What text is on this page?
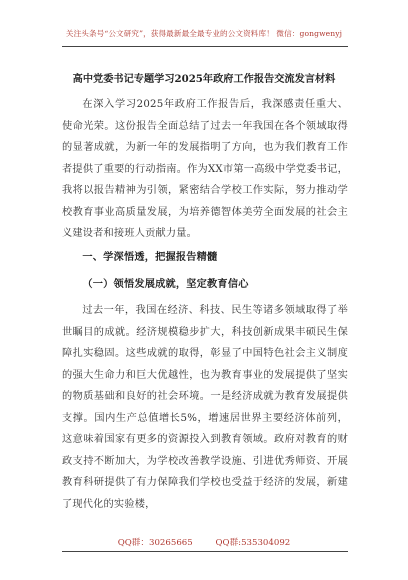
关注头条号“公文研究”，获得最新最全最专业的公文资料库！ 微信：gongwenyj
高中党委书记专题学习2025年政府工作报告交流发言材料

在深入学习2025年政府工作报告后，我深感责任重大、使命光荣。这份报告全面总结了过去一年我国在各个领域取得的显著成就，为新一年的发展指明了方向，也为我们教育工作者提供了重要的行动指南。作为XX市第一高级中学党委书记，我将以报告精神为引领，紧密结合学校工作实际，努力推动学校教育事业高质量发展，为培养德智体美劳全面发展的社会主义建设者和接班人贡献力量。

一、学深悟透，把握报告精髓
（一）领悟发展成就，坚定教育信心

过去一年，我国在经济、科技、民生等诸多领域取得了举世瞩目的成就。经济规模稳步扩大，科技创新成果丰硕民生保障扎实稳固。这些成就的取得，彰显了中国特色社会主义制度的强大生命力和巨大优越性，也为教育事业的发展提供了坚实的物质基础和良好的社会环境。一是经济成就为教育发展提供支撑。国内生产总值增长5%，增速居世界主要经济体前列，这意味着国家有更多的资源投入到教育领域。政府对教育的财政支持不断加大，为学校改善教学设施、引进优秀师资、开展教育科研提供了有力保障我们学校也受益于经济的发展，新建了现代化的实验楼，

QQ群：30265665	QQ群:535304092
